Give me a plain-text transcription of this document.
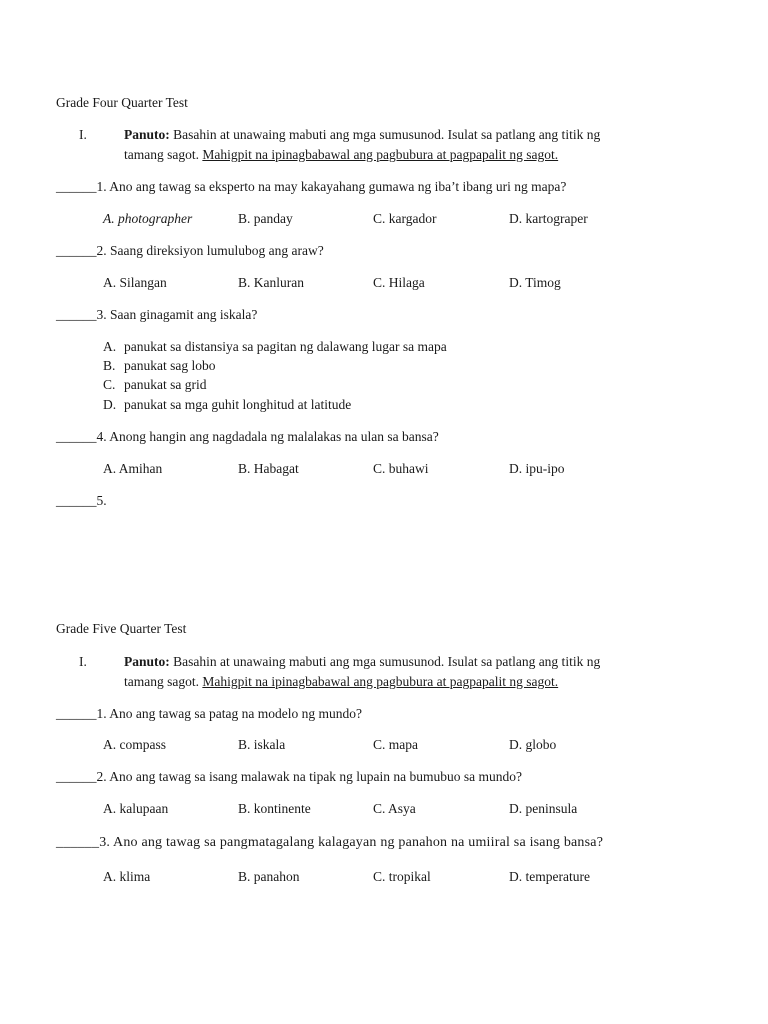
Grade Four Quarter Test
I.	Panuto: Basahin at unawaing mabuti ang mga sumusunod. Isulat sa patlang ang titik ng
tamang sagot. Mahigpit na ipinagbabawal ang pagbubura at pagpapalit ng sagot.
______1. Ano ang tawag sa eksperto na may kakayahang gumawa ng iba’t ibang uri ng mapa?
A. photographer	B. panday	C. kargador	D. kartograper
______2. Saang direksiyon lumulubog ang araw?
A. Silangan	B. Kanluran	C. Hilaga	D. Timog
______3. Saan ginagamit ang iskala?
A. panukat sa distansiya sa pagitan ng dalawang lugar sa mapa
B. panukat sag lobo
C. panukat sa grid
D. panukat sa mga guhit longhitud at latitude
______4. Anong hangin ang nagdadala ng malalakas na ulan sa bansa?
A. Amihan	B. Habagat	C. buhawi	D. ipu-ipo
______5.
Grade Five Quarter Test
I.	Panuto: Basahin at unawaing mabuti ang mga sumusunod. Isulat sa patlang ang titik ng
tamang sagot. Mahigpit na ipinagbabawal ang pagbubura at pagpapalit ng sagot.
______1. Ano ang tawag sa patag na modelo ng mundo?
A. compass	B. iskala	C. mapa	D. globo
______2. Ano ang tawag sa isang malawak na tipak ng lupain na bumubuo sa mundo?
A. kalupaan	B. kontinente	C. Asya	D. peninsula
______3. Ano ang tawag sa pangmatagalang kalagayan ng panahon na umiiral sa isang bansa?
A. klima	B. panahon	C. tropikal	D. temperature
